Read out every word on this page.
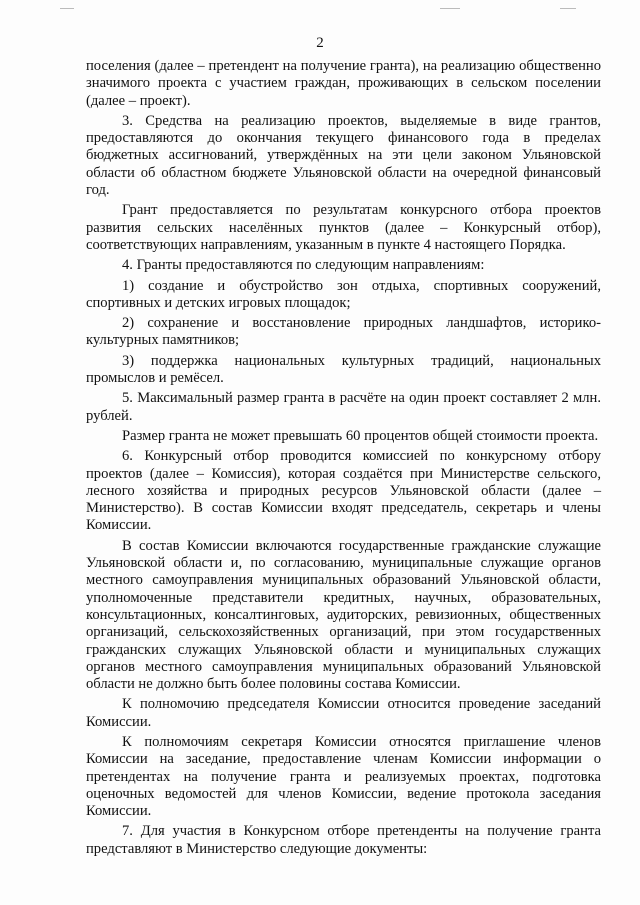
2

поселения (далее – претендент на получение гранта), на реализацию общественно значимого проекта с участием граждан, проживающих в сельском поселении (далее – проект).

3. Средства на реализацию проектов, выделяемые в виде грантов, предоставляются до окончания текущего финансового года в пределах бюджетных ассигнований, утверждённых на эти цели законом Ульяновской области об областном бюджете Ульяновской области на очередной финансовый год.

Грант предоставляется по результатам конкурсного отбора проектов развития сельских населённых пунктов (далее – Конкурсный отбор), соответствующих направлениям, указанным в пункте 4 настоящего Порядка.

4. Гранты предоставляются по следующим направлениям:

1) создание и обустройство зон отдыха, спортивных сооружений, спортивных и детских игровых площадок;

2) сохранение и восстановление природных ландшафтов, историко-культурных памятников;

3) поддержка национальных культурных традиций, национальных промыслов и ремёсел.

5. Максимальный размер гранта в расчёте на один проект составляет 2 млн. рублей.

Размер гранта не может превышать 60 процентов общей стоимости проекта.

6. Конкурсный отбор проводится комиссией по конкурсному отбору проектов (далее – Комиссия), которая создаётся при Министерстве сельского, лесного хозяйства и природных ресурсов Ульяновской области (далее – Министерство). В состав Комиссии входят председатель, секретарь и члены Комиссии.

В состав Комиссии включаются государственные гражданские служащие Ульяновской области и, по согласованию, муниципальные служащие органов местного самоуправления муниципальных образований Ульяновской области, уполномоченные представители кредитных, научных, образовательных, консультационных, консалтинговых, аудиторских, ревизионных, общественных организаций, сельскохозяйственных организаций, при этом государственных гражданских служащих Ульяновской области и муниципальных служащих органов местного самоуправления муниципальных образований Ульяновской области не должно быть более половины состава Комиссии.

К полномочию председателя Комиссии относится проведение заседаний Комиссии.

К полномочиям секретаря Комиссии относятся приглашение членов Комиссии на заседание, предоставление членам Комиссии информации о претендентах на получение гранта и реализуемых проектах, подготовка оценочных ведомостей для членов Комиссии, ведение протокола заседания Комиссии.

7. Для участия в Конкурсном отборе претенденты на получение гранта представляют в Министерство следующие документы:
